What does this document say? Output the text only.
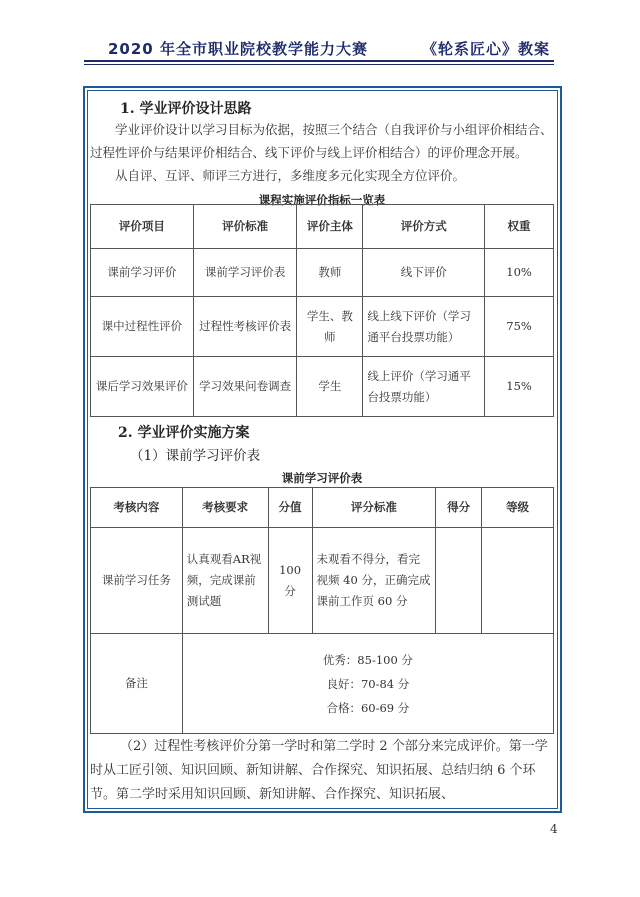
2020 年全市职业院校教学能力大赛	《轮系匠心》教案
1. 学业评价设计思路
学业评价设计以学习目标为依据，按照三个结合（自我评价与小组评价相结合、过程性评价与结果评价相结合、线下评价与线上评价相结合）的评价理念开展。
从自评、互评、师评三方进行，多维度多元化实现全方位评价。
课程实施评价指标一览表
评价项目	评价标准	评价主体	评价方式	权重
课前学习评价	课前学习评价表	教师	线下评价	10%
课中过程性评价	过程性考核评价表	学生、教师	线上线下评价（学习通平台投票功能）	75%
课后学习效果评价	学习效果问卷调查	学生	线上评价（学习通平台投票功能）	15%
2. 学业评价实施方案
（1）课前学习评价表
课前学习评价表
考核内容	考核要求	分值	评分标准	得分	等级
课前学习任务	认真观看AR视频，完成课前测试题	100 分	未观看不得分，看完视频 40 分，正确完成课前工作页 60 分		
备注	优秀：85-100 分
良好：70-84 分
合格：60-69 分				
（2）过程性考核评价分第一学时和第二学时 2 个部分来完成评价。第一学时从工匠引领、知识回顾、新知讲解、合作探究、知识拓展、总结归纳 6 个环节。第二学时采用知识回顾、新知讲解、合作探究、知识拓展、
4
